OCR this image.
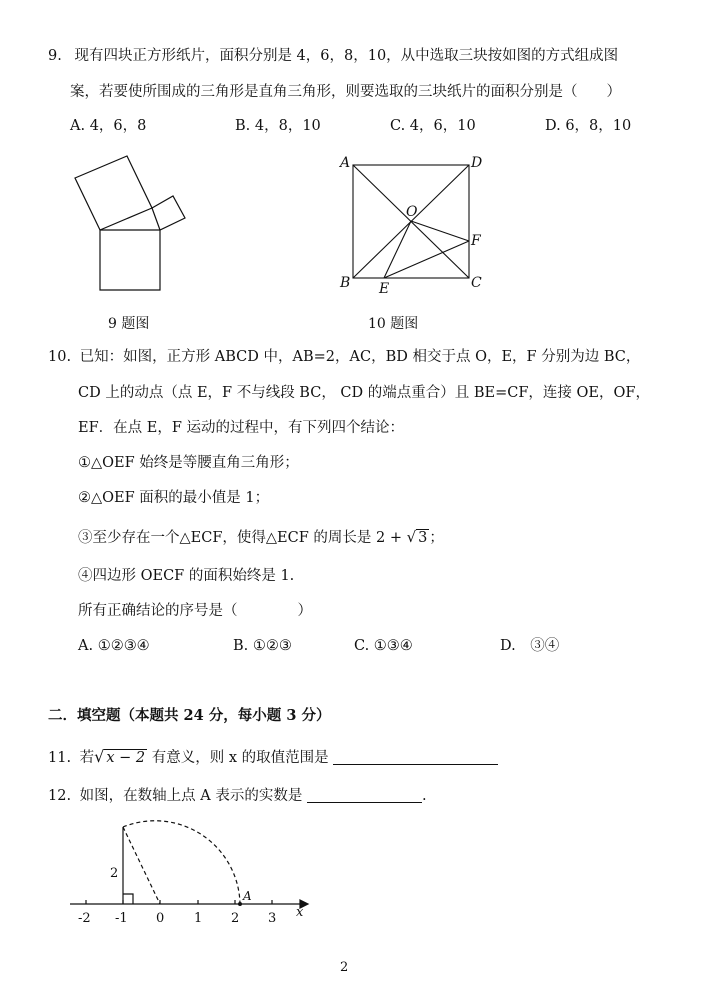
9. 现有四块正方形纸片，面积分别是 4，6，8，10，从中选取三块按如图的方式组成图
案，若要使所围成的三角形是直角三角形，则要选取的三块纸片的面积分别是（　　）
A. 4，6，8	B. 4，8，10	C. 4，6，10	D. 6，8，10
9 题图
A	D
B	C
O
E
F
10 题图
10. 已知：如图，正方形 ABCD 中，AB=2，AC，BD 相交于点 O，E，F 分别为边 BC，
CD 上的动点（点 E，F 不与线段 BC， CD 的端点重合）且 BE=CF，连接 OE，OF，
EF．在点 E，F 运动的过程中，有下列四个结论：
①△OEF 始终是等腰直角三角形；
②△OEF 面积的最小值是 1；
③至少存在一个△ECF，使得△ECF 的周长是 2 + √ 3 ；
④四边形 OECF 的面积始终是 1.
所有正确结论的序号是（	）
A. ①②③④	B. ①②③	C. ①③④	D.　③④
二．填空题（本题共 24 分，每小题 3 分）
11. 若√ x − 2 有意义，则 x 的取值范围是
12. 如图，在数轴上点 A 表示的实数是	.
-2 -1 0 1 2 3 x
2
A
2
